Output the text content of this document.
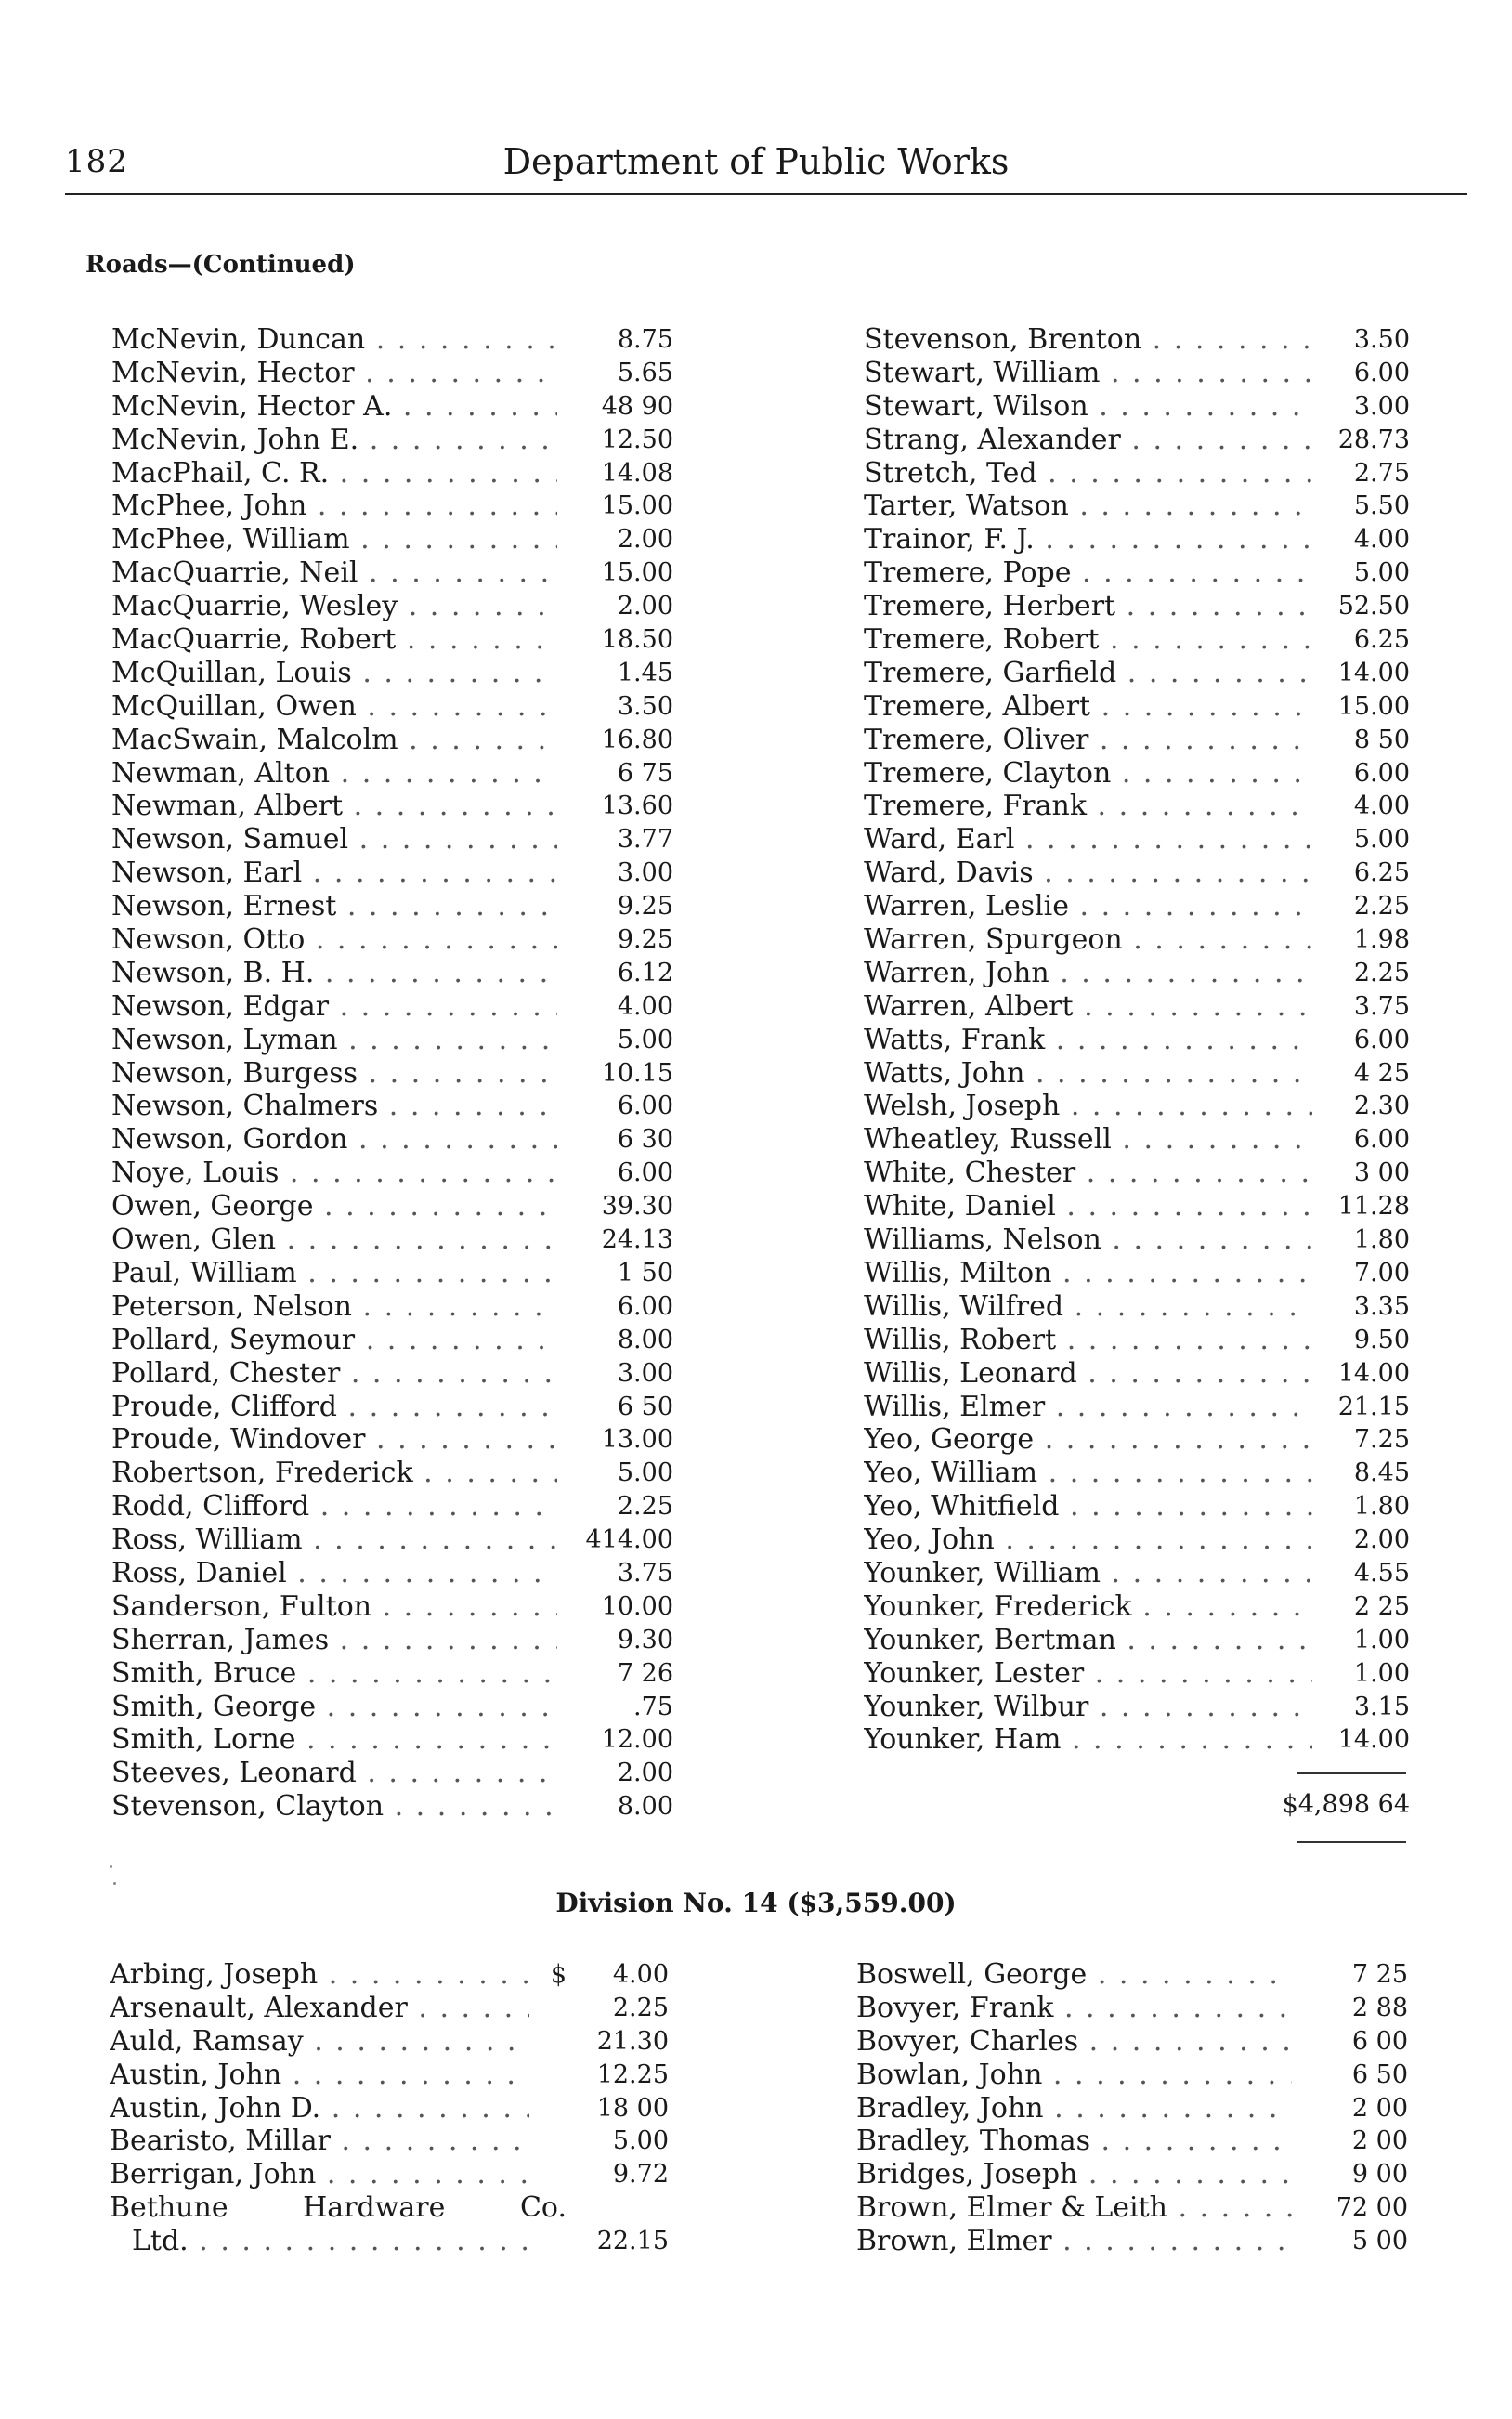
182	Department of Public Works
Roads—(Continued)
McNevin, Duncan . . .	8.75
McNevin, Hector . . .	5.65
McNevin, Hector A. . . .	48 90
McNevin, John E. . . .	12.50
MacPhail, C. R. . . .	14.08
McPhee, John . . .	15.00
McPhee, William . . .	2.00
MacQuarrie, Neil . . .	15.00
MacQuarrie, Wesley . . .	2.00
MacQuarrie, Robert . . .	18.50
McQuillan, Louis . . .	1.45
McQuillan, Owen . . .	3.50
MacSwain, Malcolm . . .	16.80
Newman, Alton . . .	6 75
Newman, Albert . . .	13.60
Newson, Samuel . . .	3.77
Newson, Earl . . .	3.00
Newson, Ernest . . .	9.25
Newson, Otto . . .	9.25
Newson, B. H. . . .	6.12
Newson, Edgar . . .	4.00
Newson, Lyman . . .	5.00
Newson, Burgess . . .	10.15
Newson, Chalmers . . .	6.00
Newson, Gordon . . .	6 30
Noye, Louis . . .	6.00
Owen, George . . .	39.30
Owen, Glen . . .	24.13
Paul, William . . .	1 50
Peterson, Nelson . . .	6.00
Pollard, Seymour . . .	8.00
Pollard, Chester . . .	3.00
Proude, Clifford . . .	6 50
Proude, Windover . . .	13.00
Robertson, Frederick . . .	5.00
Rodd, Clifford . . .	2.25
Ross, William . . .	414.00
Ross, Daniel . . .	3.75
Sanderson, Fulton . . .	10.00
Sherran, James . . .	9.30
Smith, Bruce . . .	7 26
Smith, George . . .	.75
Smith, Lorne . . .	12.00
Steeves, Leonard . . .	2.00
Stevenson, Clayton . . .	8.00
Stevenson, Brenton . . .	3.50
Stewart, William . . .	6.00
Stewart, Wilson . . .	3.00
Strang, Alexander . . .	28.73
Stretch, Ted . . .	2.75
Tarter, Watson . . .	5.50
Trainor, F. J. . . .	4.00
Tremere, Pope . . .	5.00
Tremere, Herbert . . .	52.50
Tremere, Robert . . .	6.25
Tremere, Garfield . . .	14.00
Tremere, Albert . . .	15.00
Tremere, Oliver . . .	8 50
Tremere, Clayton . . .	6.00
Tremere, Frank . . .	4.00
Ward, Earl . . .	5.00
Ward, Davis . . .	6.25
Warren, Leslie . . .	2.25
Warren, Spurgeon . . .	1.98
Warren, John . . .	2.25
Warren, Albert . . .	3.75
Watts, Frank . . .	6.00
Watts, John . . .	4 25
Welsh, Joseph . . .	2.30
Wheatley, Russell . . .	6.00
White, Chester . . .	3 00
White, Daniel . . .	11.28
Williams, Nelson . . .	1.80
Willis, Milton . . .	7.00
Willis, Wilfred . . .	3.35
Willis, Robert . . .	9.50
Willis, Leonard . . .	14.00
Willis, Elmer . . .	21.15
Yeo, George . . .	7.25
Yeo, William . . .	8.45
Yeo, Whitfield . . .	1.80
Yeo, John . . .	2.00
Younker, William . . .	4.55
Younker, Frederick . . .	2 25
Younker, Bertman . . .	1.00
Younker, Lester . . .	1.00
Younker, Wilbur . . .	3.15
Younker, Ham . . .	14.00
$4,898 64
Division No. 14 ($3,559.00)
Arbing, Joseph . . .	4.00
$
Arsenault, Alexander . . .	2.25
Auld, Ramsay . . .	21.30
Austin, John . . .	12.25
Austin, John D. . . .	18 00
Bearisto, Millar . . .	5.00
Berrigan, John . . .	9.72
Bethune Hardware Co.
Ltd. . . .	22.15
Boswell, George . . .	7 25
Bovyer, Frank . . .	2 88
Bovyer, Charles . . .	6 00
Bowlan, John . . .	6 50
Bradley, John . . .	2 00
Bradley, Thomas . . .	2 00
Bridges, Joseph . . .	9 00
Brown, Elmer & Leith . . .	72 00
Brown, Elmer . . .	5 00
